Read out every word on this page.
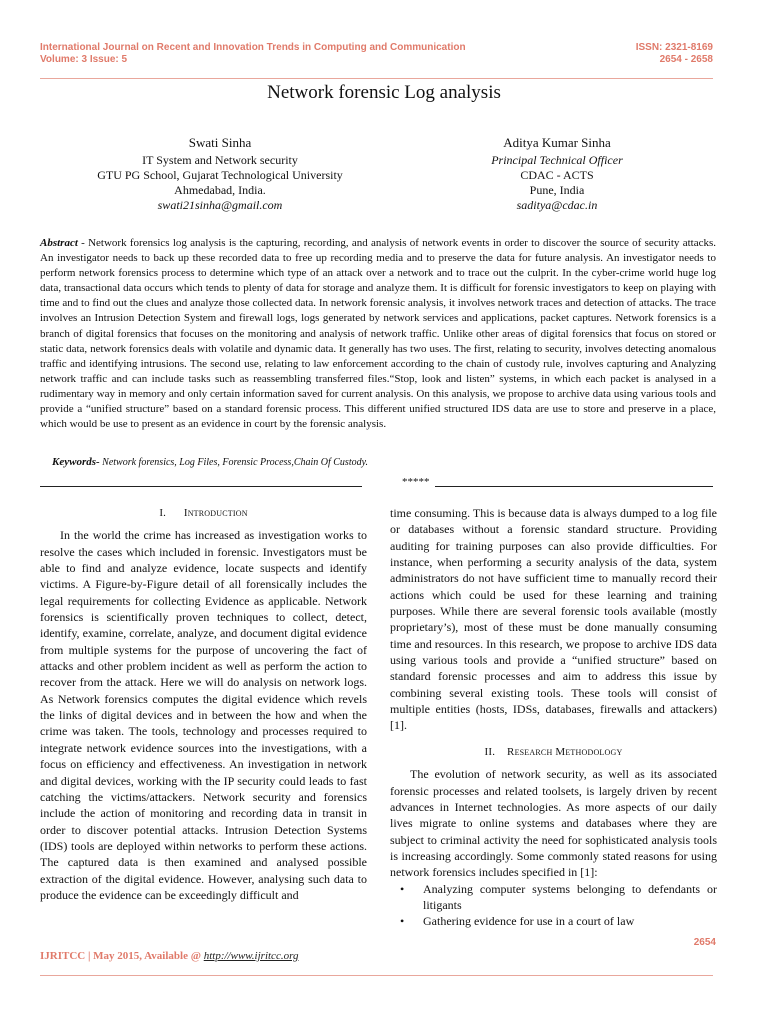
International Journal on Recent and Innovation Trends in Computing and Communication
Volume: 3 Issue: 5
ISSN: 2321-8169
2654 - 2658
Network forensic Log analysis
Swati Sinha
IT System and Network security
GTU PG School, Gujarat Technological University
Ahmedabad, India.
swati21sinha@gmail.com
Aditya Kumar Sinha
Principal Technical Officer
CDAC - ACTS
Pune, India
saditya@cdac.in
Abstract - Network forensics log analysis is the capturing, recording, and analysis of network events in order to discover the source of security attacks. An investigator needs to back up these recorded data to free up recording media and to preserve the data for future analysis. An investigator needs to perform network forensics process to determine which type of an attack over a network and to trace out the culprit. In the cyber-crime world huge log data, transactional data occurs which tends to plenty of data for storage and analyze them. It is difficult for forensic investigators to keep on playing with time and to find out the clues and analyze those collected data. In network forensic analysis, it involves network traces and detection of attacks. The trace involves an Intrusion Detection System and firewall logs, logs generated by network services and applications, packet captures. Network forensics is a branch of digital forensics that focuses on the monitoring and analysis of network traffic. Unlike other areas of digital forensics that focus on stored or static data, network forensics deals with volatile and dynamic data. It generally has two uses. The first, relating to security, involves detecting anomalous traffic and identifying intrusions. The second use, relating to law enforcement according to the chain of custody rule, involves capturing and Analyzing network traffic and can include tasks such as reassembling transferred files.“Stop, look and listen” systems, in which each packet is analysed in a rudimentary way in memory and only certain information saved for current analysis. On this analysis, we propose to archive data using various tools and provide a “unified structure” based on a standard forensic process. This different unified structured IDS data are use to store and preserve in a place, which would be use to present as an evidence in court by the forensic analysis.
Keywords- Network forensics, Log Files, Forensic Process,Chain Of Custody.
*****
I. Introduction

In the world the crime has increased as investigation works to resolve the cases which included in forensic. Investigators must be able to find and analyze evidence, locate suspects and identify victims. A Figure-by-Figure detail of all forensically includes the legal requirements for collecting Evidence as applicable. Network forensics is scientifically proven techniques to collect, detect, identify, examine, correlate, analyze, and document digital evidence from multiple systems for the purpose of uncovering the fact of attacks and other problem incident as well as perform the action to recover from the attack. Here we will do analysis on network logs. As Network forensics computes the digital evidence which revels the links of digital devices and in between the how and when the crime was taken. The tools, technology and processes required to integrate network evidence sources into the investigations, with a focus on efficiency and effectiveness. An investigation in network and digital devices, working with the IP security could leads to fast catching the victims/attackers. Network security and forensics include the action of monitoring and recording data in transit in order to discover potential attacks. Intrusion Detection Systems (IDS) tools are deployed within networks to perform these actions. The captured data is then examined and analysed possible extraction of the digital evidence. However, analysing such data to produce the evidence can be exceedingly difficult and

time consuming. This is because data is always dumped to a log file or databases without a forensic standard structure. Providing auditing for training purposes can also provide difficulties. For instance, when performing a security analysis of the data, system administrators do not have sufficient time to manually record their actions which could be used for these learning and training purposes. While there are several forensic tools available (mostly proprietary’s), most of these must be done manually consuming time and resources. In this research, we propose to archive IDS data using various tools and provide a “unified structure” based on standard forensic processes and aim to address this issue by combining several existing tools. These tools will consist of multiple entities (hosts, IDSs, databases, firewalls and attackers) [1].

II. Research Methodology

The evolution of network security, as well as its associated forensic processes and related toolsets, is largely driven by recent advances in Internet technologies. As more aspects of our daily lives migrate to online systems and databases where they are subject to criminal activity the need for sophisticated analysis tools is increasing accordingly. Some commonly stated reasons for using network forensics includes specified in [1]:

• Analyzing computer systems belonging to defendants or litigants
• Gathering evidence for use in a court of law
2654
IJRITCC | May 2015, Available @ http://www.ijritcc.org
